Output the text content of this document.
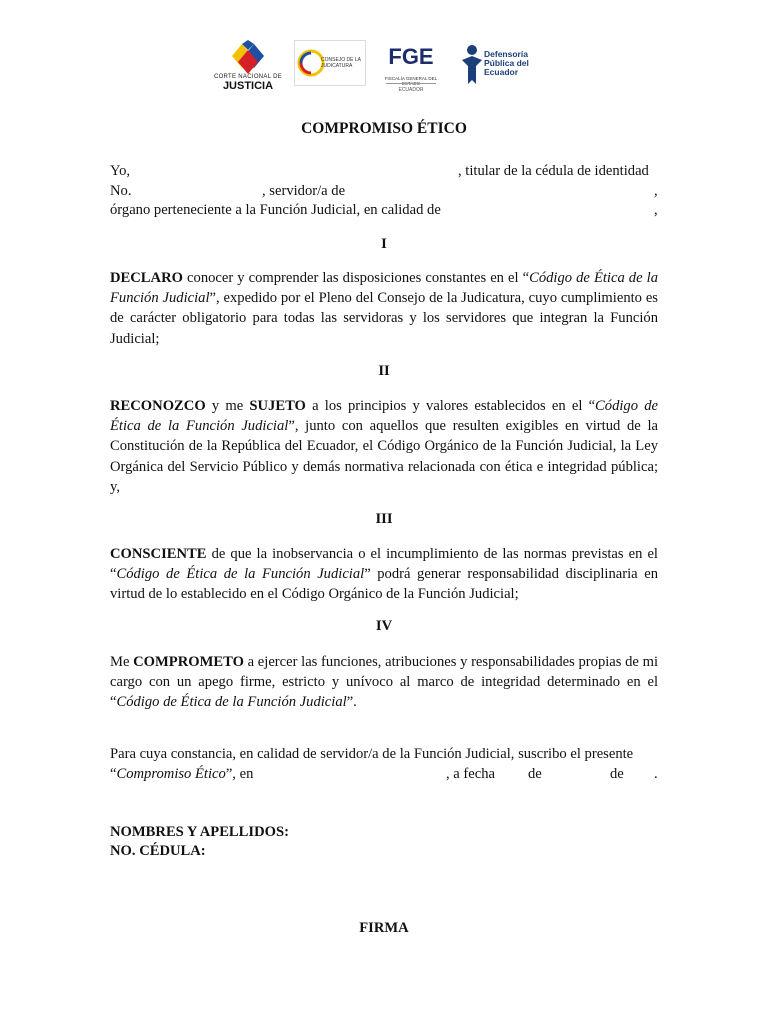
CORTE NACIONAL DE
JUSTICIA
CONSEJO DE LA JUDICATURA	FGE
FISCALÍA GENERAL DEL
ECUADOR
Defensoría Pública del Ecuador
COMPROMISO ÉTICO
Yo,	, titular de la cédula de identidad
No.	, servidor/a de	,
órgano perteneciente a la Función Judicial, en calidad de	,
I
DECLARO conocer y comprender las disposiciones constantes en el “Código de Ética de la Función Judicial”, expedido por el Pleno del Consejo de la Judicatura, cuyo cumplimiento es de carácter obligatorio para todas las servidoras y los servidores que integran la Función Judicial;
II
RECONOZCO y me SUJETO a los principios y valores establecidos en el “Código de Ética de la Función Judicial”, junto con aquellos que resulten exigibles en virtud de la Constitución de la República del Ecuador, el Código Orgánico de la Función Judicial, la Ley Orgánica del Servicio Público y demás normativa relacionada con ética e integridad pública; y,
III
CONSCIENTE de que la inobservancia o el incumplimiento de las normas previstas en el “Código de Ética de la Función Judicial” podrá generar responsabilidad disciplinaria en virtud de lo establecido en el Código Orgánico de la Función Judicial;
IV
Me COMPROMETO a ejercer las funciones, atribuciones y responsabilidades propias de mi cargo con un apego firme, estricto y unívoco al marco de integridad determinado en el “Código de Ética de la Función Judicial”.
Para cuya constancia, en calidad de servidor/a de la Función Judicial, suscribo el presente
“Compromiso Ético”, en	, a fecha de	de .
NOMBRES Y APELLIDOS:
NO. CÉDULA:
FIRMA
